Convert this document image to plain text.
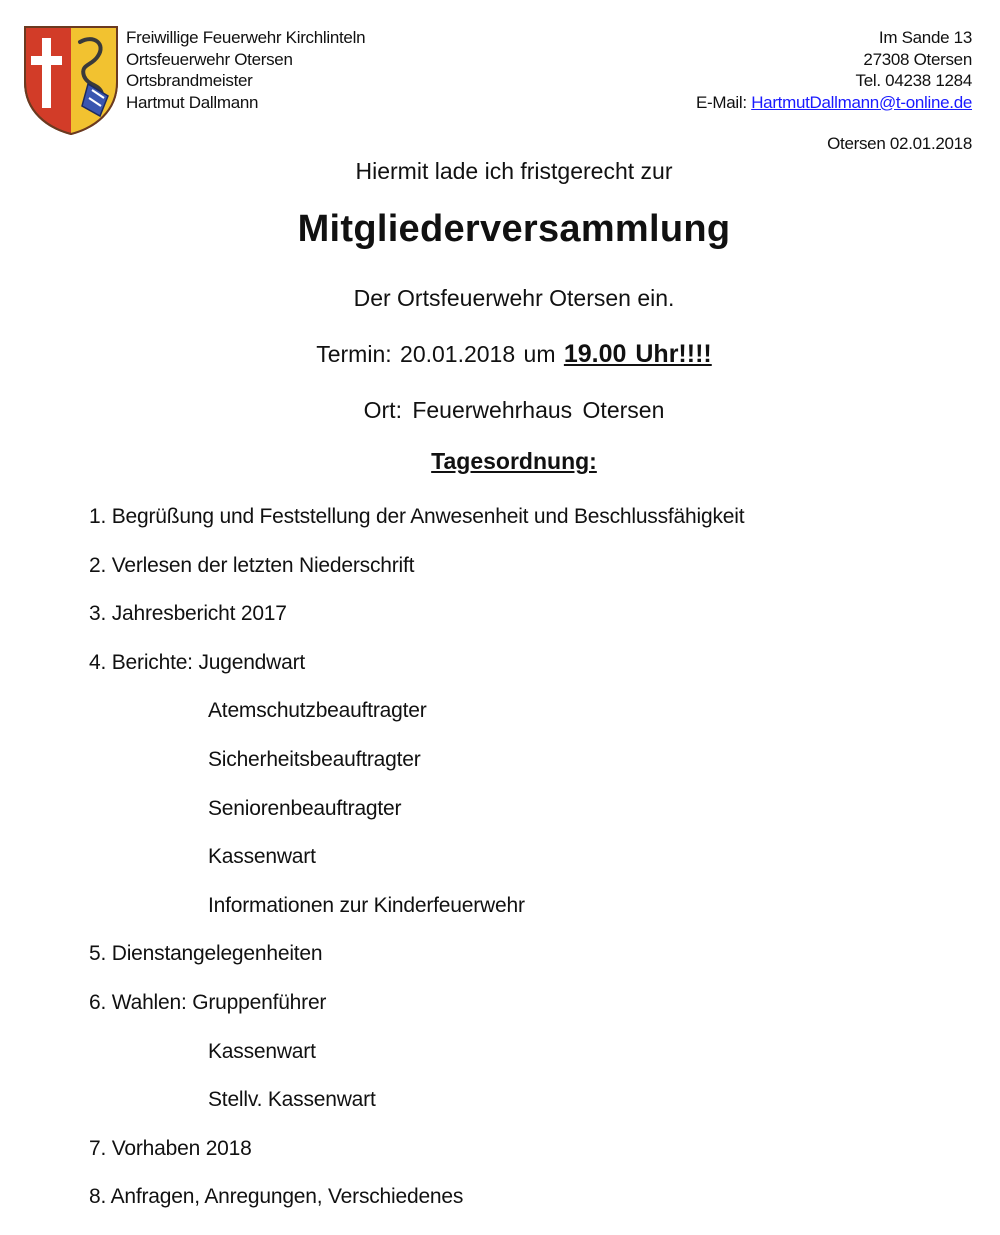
Freiwillige Feuerwehr Kirchlinteln
Ortsfeuerwehr Otersen
Ortsbrandmeister
Hartmut Dallmann
Im Sande 13
27308 Otersen
Tel. 04238 1284
E-Mail: HartmutDallmann@t-online.de
Otersen 02.01.2018
Hiermit lade ich fristgerecht zur
Mitgliederversammlung
Der Ortsfeuerwehr Otersen ein.
Termin: 20.01.2018 um 19.00 Uhr!!!!
Ort: Feuerwehrhaus Otersen
Tagesordnung:
1. Begrüßung und Feststellung der Anwesenheit und Beschlussfähigkeit
2. Verlesen der letzten Niederschrift
3. Jahresbericht 2017
4. Berichte: Jugendwart
Atemschutzbeauftragter
Sicherheitsbeauftragter
Seniorenbeauftragter
Kassenwart
Informationen zur Kinderfeuerwehr
5. Dienstangelegenheiten
6. Wahlen: Gruppenführer
Kassenwart
Stellv. Kassenwart
7. Vorhaben 2018
8. Anfragen, Anregungen, Verschiedenes
